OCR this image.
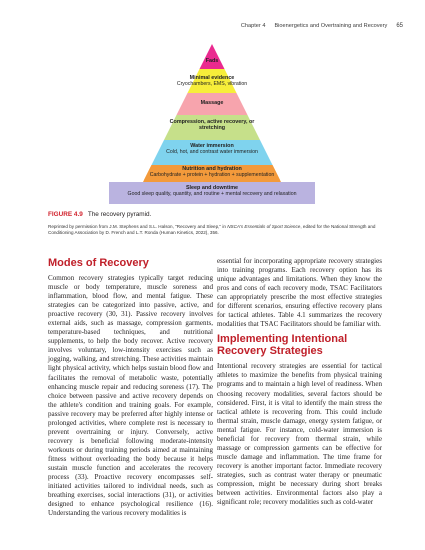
Chapter 4 Bioenergetics and Overtraining and Recovery 65
Fads
Minimal evidence
Cryochambers, EMS, vibration
Massage
Compression, active recovery, or stretching
Water immersion
Cold, hot, and contrast water immersion
Nutrition and hydration
Carbohydrate + protein + hydration + supplementation
Sleep and downtime
Good sleep quality, quantity, and routine + mental recovery and relaxation
FIGURE 4.9 The recovery pyramid.
Reprinted by permission from J.M. Stephens and S.L. Halson, "Recovery and Sleep," in NSCA's Essentials of Sport Science, edited for the National Strength and Conditioning Association by D. French and L.T. Ronda (Human Kinetics, 2022), 356.
Modes of Recovery

Common recovery strategies typically target reducing muscle or body temperature, muscle soreness and inflammation, blood flow, and mental fatigue. These strategies can be categorized into passive, active, and proactive recovery (30, 31). Passive recovery involves external aids, such as massage, compression garments, temperature-based techniques, and nutritional supplements, to help the body recover. Active recovery involves voluntary, low-intensity exercises such as jogging, walking, and stretching. These activities maintain light physical activity, which helps sustain blood flow and facilitates the removal of metabolic waste, potentially enhancing muscle repair and reducing soreness (17). The choice between passive and active recovery depends on the athlete's condition and training goals. For example, passive recovery may be preferred after highly intense or prolonged activities, where complete rest is necessary to prevent overtraining or injury. Conversely, active recovery is beneficial following moderate-intensity workouts or during training periods aimed at maintaining fitness without overloading the body because it helps sustain muscle function and accelerates the recovery process (33). Proactive recovery encompasses self-initiated activities tailored to individual needs, such as breathing exercises, social interactions (31), or activities designed to enhance psychological resilience (16). Understanding the various recovery modalities is

essential for incorporating appropriate recovery strategies into training programs. Each recovery option has its unique advantages and limitations. When they know the pros and cons of each recovery mode, TSAC Facilitators can appropriately prescribe the most effective strategies for different scenarios, ensuring effective recovery plans for tactical athletes. Table 4.1 summarizes the recovery modalities that TSAC Facilitators should be familiar with.

Implementing Intentional Recovery Strategies

Intentional recovery strategies are essential for tactical athletes to maximize the benefits from physical training programs and to maintain a high level of readiness. When choosing recovery modalities, several factors should be considered. First, it is vital to identify the main stress the tactical athlete is recovering from. This could include thermal strain, muscle damage, energy system fatigue, or mental fatigue. For instance, cold-water immersion is beneficial for recovery from thermal strain, while massage or compression garments can be effective for muscle damage and inflammation. The time frame for recovery is another important factor. Immediate recovery strategies, such as contrast water therapy or pneumatic compression, might be necessary during short breaks between activities. Environmental factors also play a significant role; recovery modalities such as cold-water
